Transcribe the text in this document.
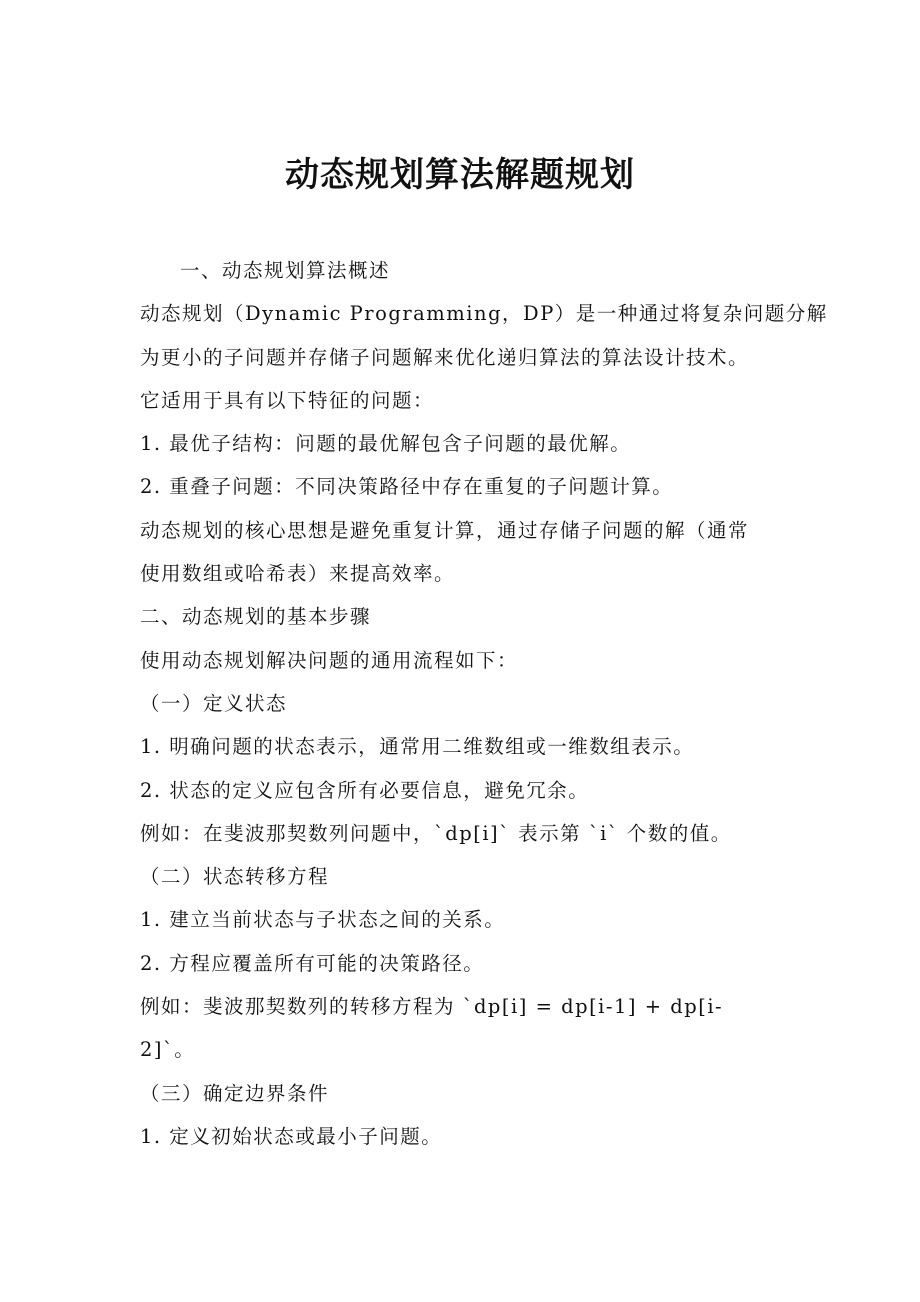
动态规划算法解题规划
一、动态规划算法概述
动态规划（Dynamic Programming，DP）是一种通过将复杂问题分解
为更小的子问题并存储子问题解来优化递归算法的算法设计技术。
它适用于具有以下特征的问题：
1. 最优子结构：问题的最优解包含子问题的最优解。
2. 重叠子问题：不同决策路径中存在重复的子问题计算。
动态规划的核心思想是避免重复计算，通过存储子问题的解（通常
使用数组或哈希表）来提高效率。
二、动态规划的基本步骤
使用动态规划解决问题的通用流程如下：
（一）定义状态
1. 明确问题的状态表示，通常用二维数组或一维数组表示。
2. 状态的定义应包含所有必要信息，避免冗余。
例如：在斐波那契数列问题中，`dp[i]` 表示第 `i` 个数的值。
（二）状态转移方程
1. 建立当前状态与子状态之间的关系。
2. 方程应覆盖所有可能的决策路径。
例如：斐波那契数列的转移方程为 `dp[i] = dp[i-1] + dp[i-
2]`。
（三）确定边界条件
1. 定义初始状态或最小子问题。
